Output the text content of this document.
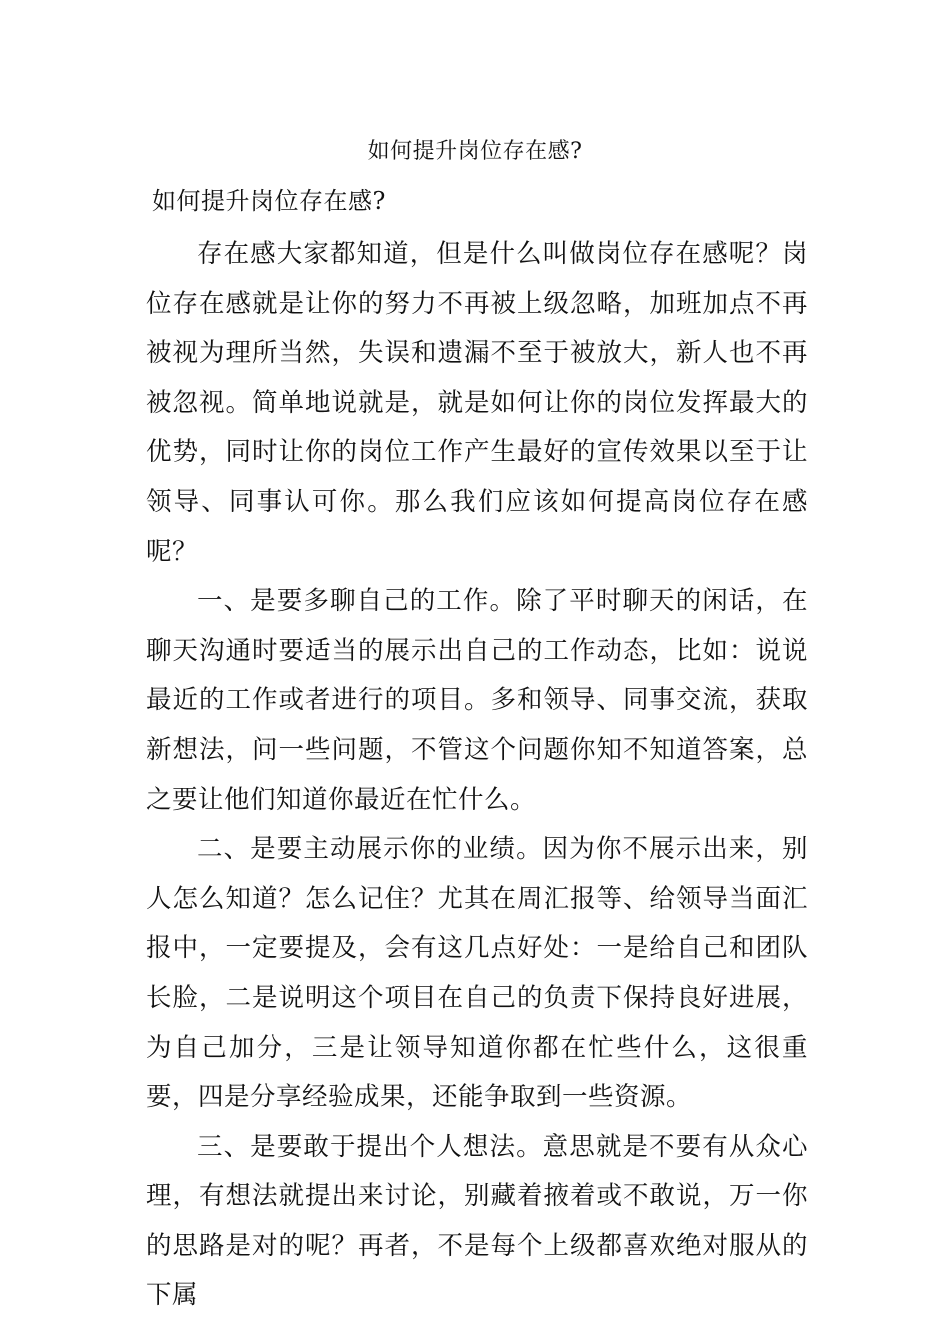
如何提升岗位存在感?
如何提升岗位存在感?

存在感大家都知道，但是什么叫做岗位存在感呢？岗位存在感就是让你的努力不再被上级忽略，加班加点不再被视为理所当然，失误和遗漏不至于被放大，新人也不再被忽视。简单地说就是，就是如何让你的岗位发挥最大的优势，同时让你的岗位工作产生最好的宣传效果以至于让领导、同事认可你。那么我们应该如何提高岗位存在感呢？

一、是要多聊自己的工作。除了平时聊天的闲话，在聊天沟通时要适当的展示出自己的工作动态，比如：说说最近的工作或者进行的项目。多和领导、同事交流，获取新想法，问一些问题，不管这个问题你知不知道答案，总之要让他们知道你最近在忙什么。

二、是要主动展示你的业绩。因为你不展示出来，别人怎么知道？怎么记住？尤其在周汇报等、给领导当面汇报中，一定要提及，会有这几点好处：一是给自己和团队长脸，二是说明这个项目在自己的负责下保持良好进展，为自己加分，三是让领导知道你都在忙些什么，这很重要，四是分享经验成果，还能争取到一些资源。

三、是要敢于提出个人想法。意思就是不要有从众心理，有想法就提出来讨论，别藏着掖着或不敢说，万一你的思路是对的呢？再者，不是每个上级都喜欢绝对服从的下属
